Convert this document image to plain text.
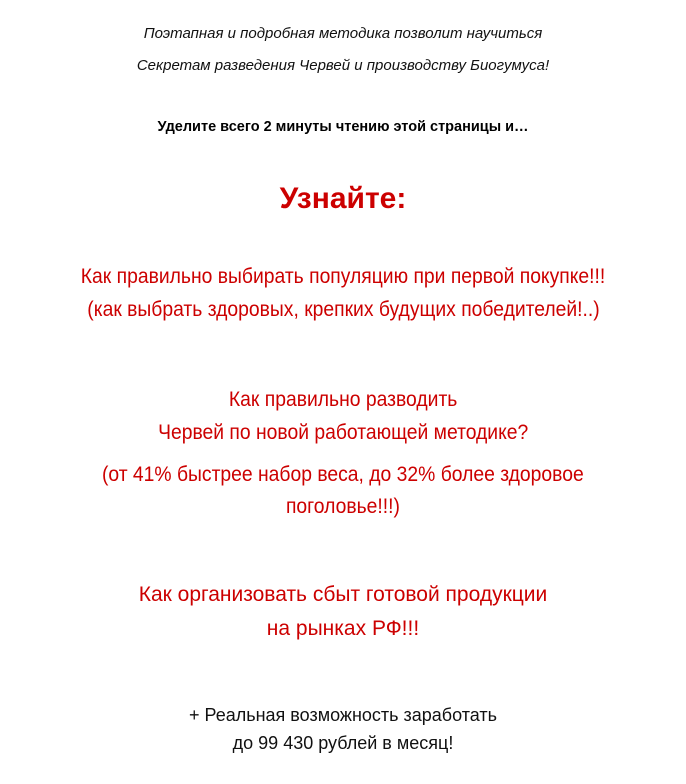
Поэтапная и подробная методика позволит научиться
Секретам разведения Червей и производству Биогумуса!
Уделите всего 2 минуты чтению этой страницы и…
Узнайте:
Как правильно выбирать популяцию при первой покупке!!!
(как выбрать здоровых, крепких будущих победителей!..)
Как правильно разводить
Червей по новой работающей методике?
(от 41% быстрее набор веса, до 32% более здоровое
поголовье!!!)
Как организовать сбыт готовой продукции
на рынках РФ!!!
+ Реальная возможность заработать
до 99 430 рублей в месяц!
